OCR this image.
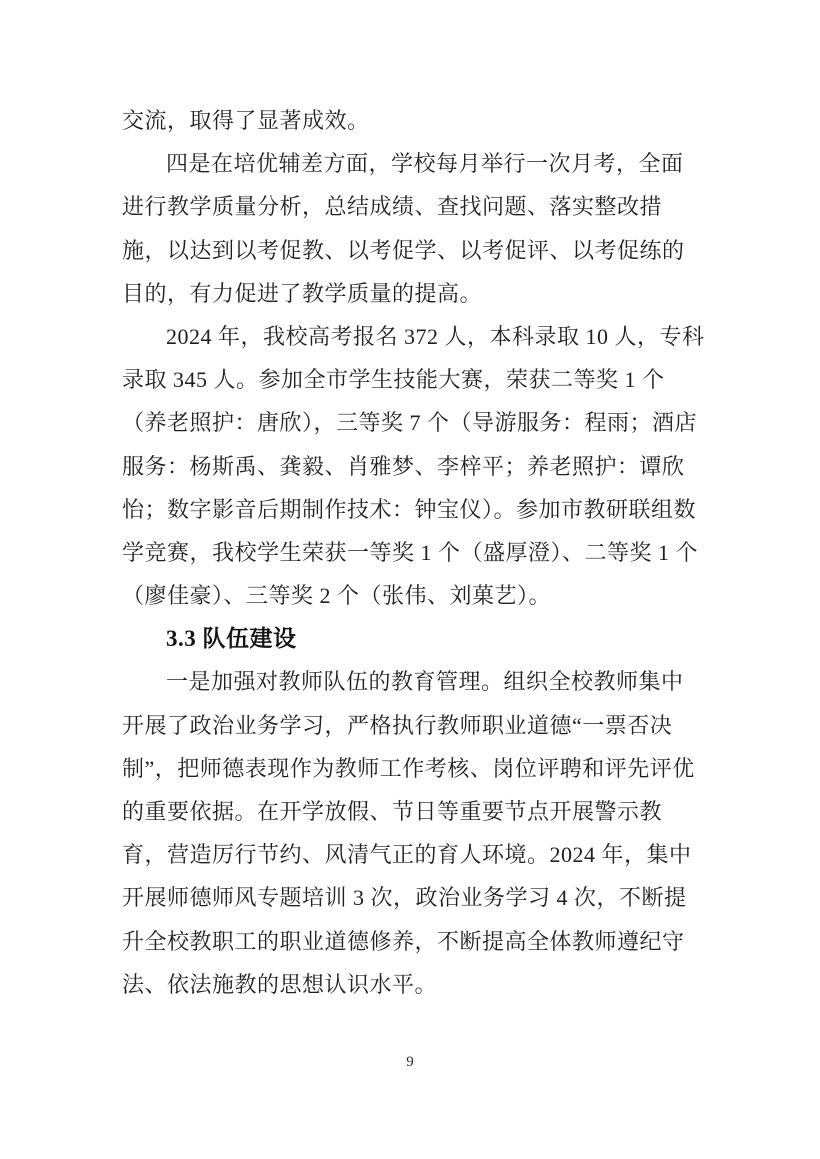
交流，取得了显著成效。
四是在培优辅差方面，学校每月举行一次月考，全面
进行教学质量分析，总结成绩、查找问题、落实整改措
施，以达到以考促教、以考促学、以考促评、以考促练的
目的，有力促进了教学质量的提高。
2024 年，我校高考报名 372 人，本科录取 10 人，专科
录取 345 人。参加全市学生技能大赛，荣获二等奖 1 个
（养老照护：唐欣），三等奖 7 个（导游服务：程雨；酒店
服务：杨斯禹、龚毅、肖雅梦、李梓平；养老照护：谭欣
怡；数字影音后期制作技术：钟宝仪）。参加市教研联组数
学竞赛，我校学生荣获一等奖 1 个（盛厚澄）、二等奖 1 个
（廖佳豪）、三等奖 2 个（张伟、刘菓艺）。
3.3 队伍建设
一是加强对教师队伍的教育管理。组织全校教师集中
开展了政治业务学习，严格执行教师职业道德“一票否决
制”，把师德表现作为教师工作考核、岗位评聘和评先评优
的重要依据。在开学放假、节日等重要节点开展警示教
育，营造厉行节约、风清气正的育人环境。2024 年，集中
开展师德师风专题培训 3 次，政治业务学习 4 次，不断提
升全校教职工的职业道德修养，不断提高全体教师遵纪守
法、依法施教的思想认识水平。
9
